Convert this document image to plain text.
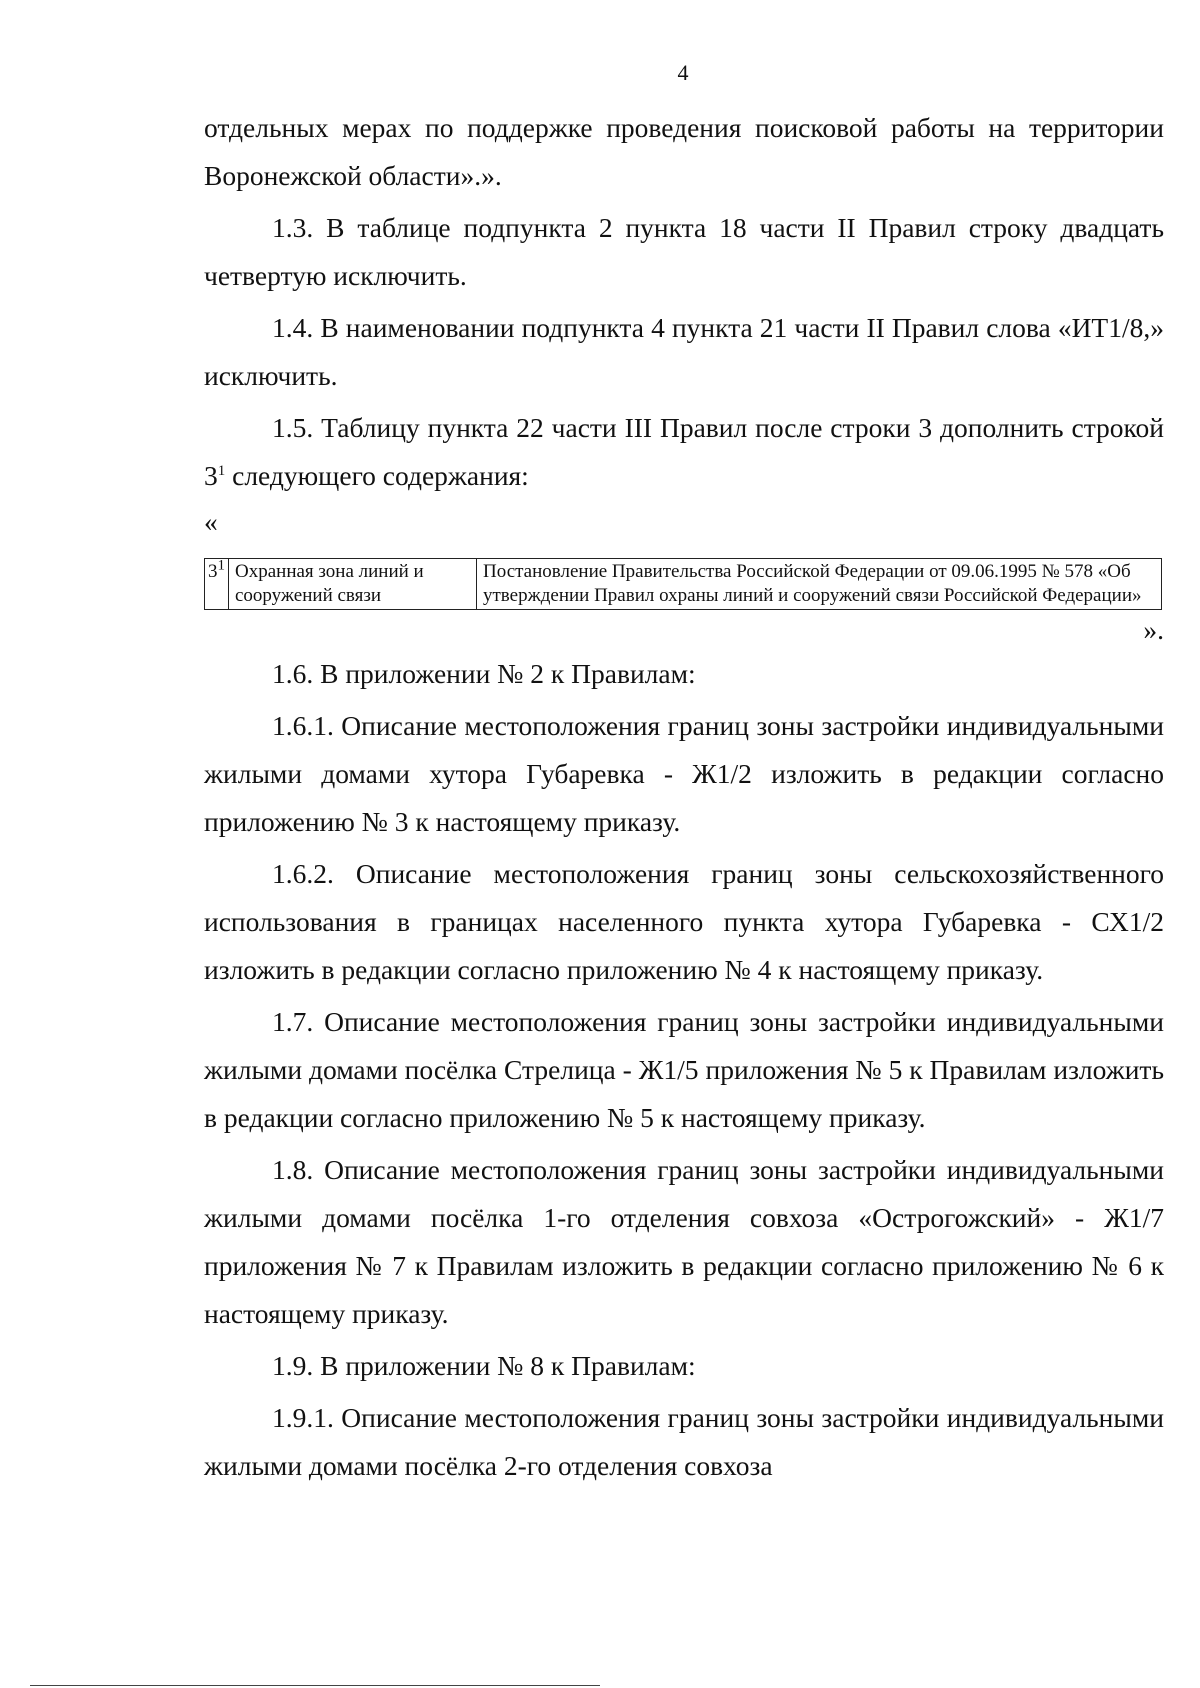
4

отдельных мерах по поддержке проведения поисковой работы на территории Воронежской области».».

1.3. В таблице подпункта 2 пункта 18 части II Правил строку двадцать четвертую исключить.

1.4. В наименовании подпункта 4 пункта 21 части II Правил слова «ИТ1/8,» исключить.

1.5. Таблицу пункта 22 части III Правил после строки 3 дополнить строкой $3^1$ следующего содержания:

«

$3^1$	Охранная зона линий и сооружений связи	Постановление Правительства Российской Федерации от 09.06.1995 № 578 «Об утверждении Правил охраны линий и сооружений связи Российской Федерации»

».

1.6. В приложении № 2 к Правилам:

1.6.1. Описание местоположения границ зоны застройки индивидуальными жилыми домами хутора Губаревка - Ж1/2 изложить в редакции согласно приложению № 3 к настоящему приказу.

1.6.2. Описание местоположения границ зоны сельскохозяйственного использования в границах населенного пункта хутора Губаревка - СХ1/2 изложить в редакции согласно приложению № 4 к настоящему приказу.

1.7. Описание местоположения границ зоны застройки индивидуальными жилыми домами посёлка Стрелица - Ж1/5 приложения № 5 к Правилам изложить в редакции согласно приложению № 5 к настоящему приказу.

1.8. Описание местоположения границ зоны застройки индивидуальными жилыми домами посёлка 1-го отделения совхоза «Острогожский» - Ж1/7 приложения № 7 к Правилам изложить в редакции согласно приложению № 6 к настоящему приказу.

1.9. В приложении № 8 к Правилам:

1.9.1. Описание местоположения границ зоны застройки индивидуальными жилыми домами посёлка 2-го отделения совхоза
